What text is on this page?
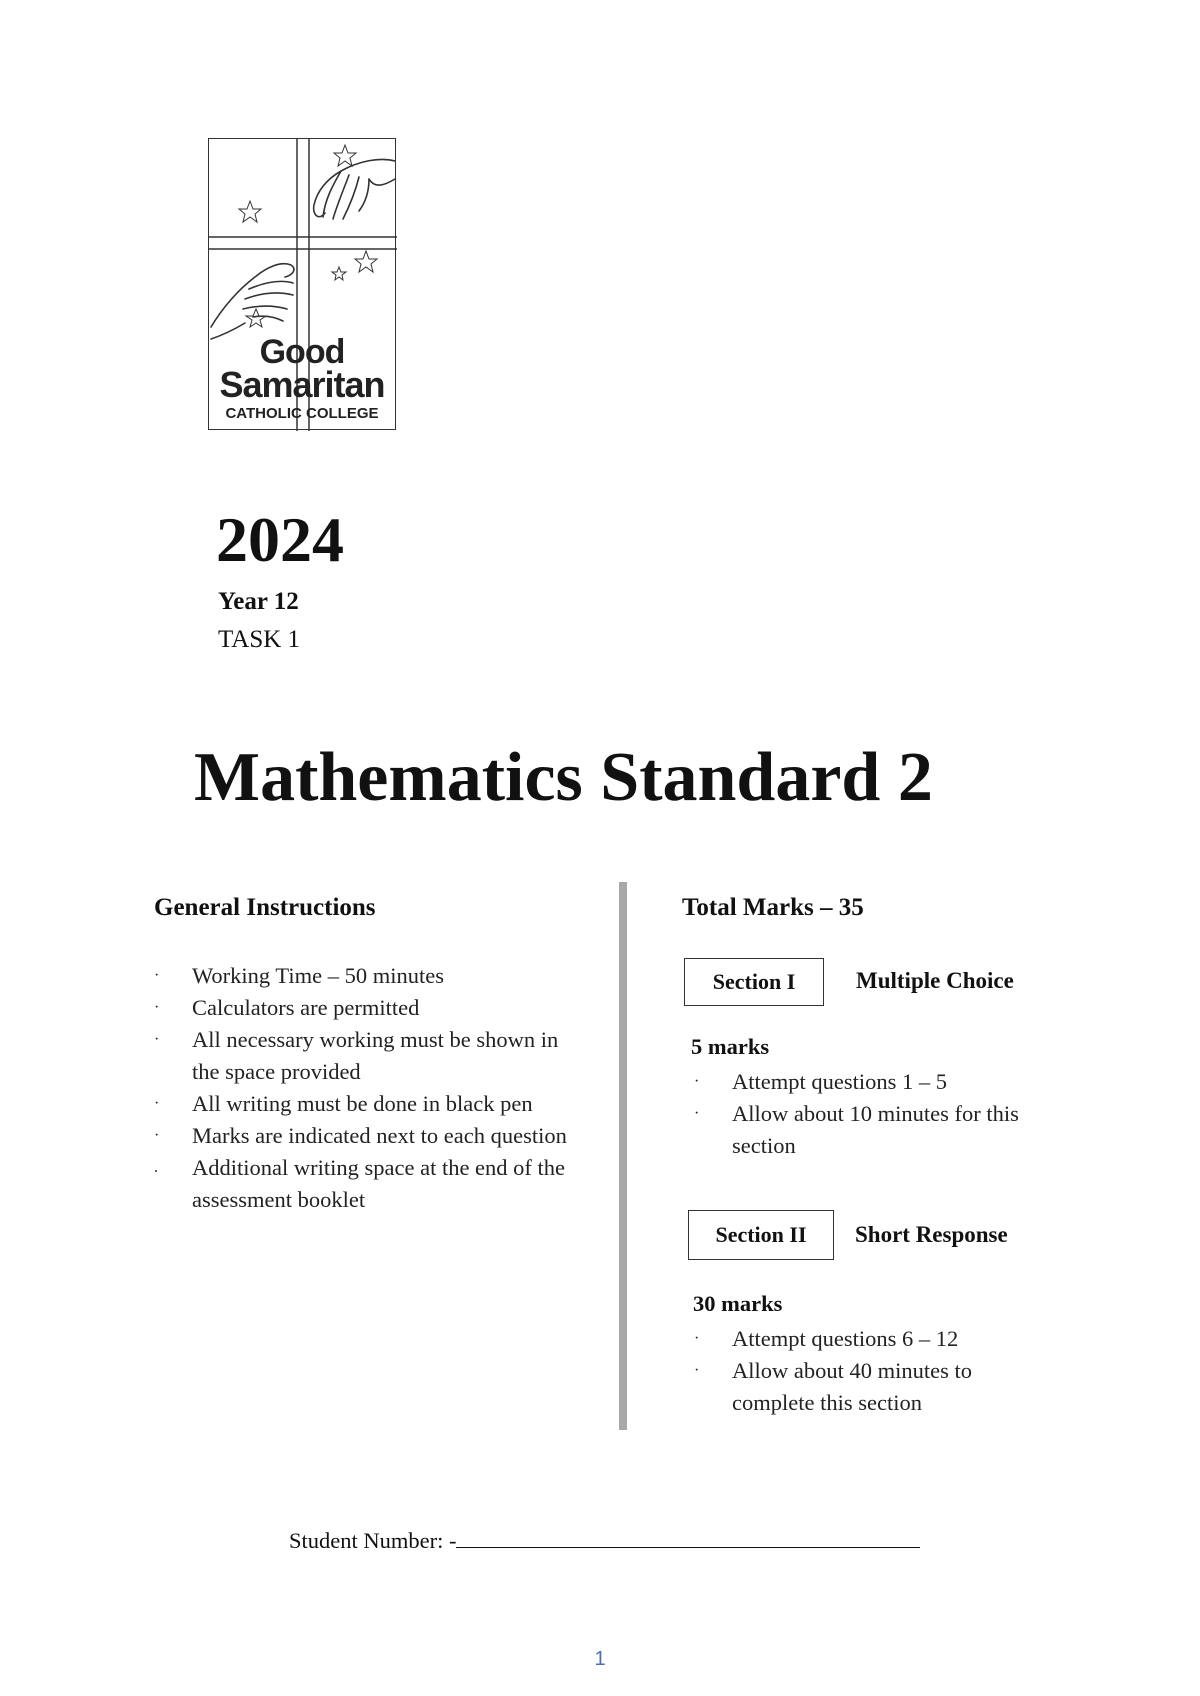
Good
Samaritan
CATHOLIC COLLEGE
2024
Year 12
TASK 1
Mathematics Standard 2
General Instructions
· Working Time – 50 minutes
· Calculators are permitted
· All necessary working must be shown in
the space provided
· All writing must be done in black pen
· Marks are indicated next to each question
. Additional writing space at the end of the
assessment booklet
Total Marks – 35
Section I	Multiple Choice
5 marks
· Attempt questions 1 – 5
· Allow about 10 minutes for this
section
Section II	Short Response
30 marks
· Attempt questions 6 – 12
· Allow about 40 minutes to
complete this section
Student Number: -
1
